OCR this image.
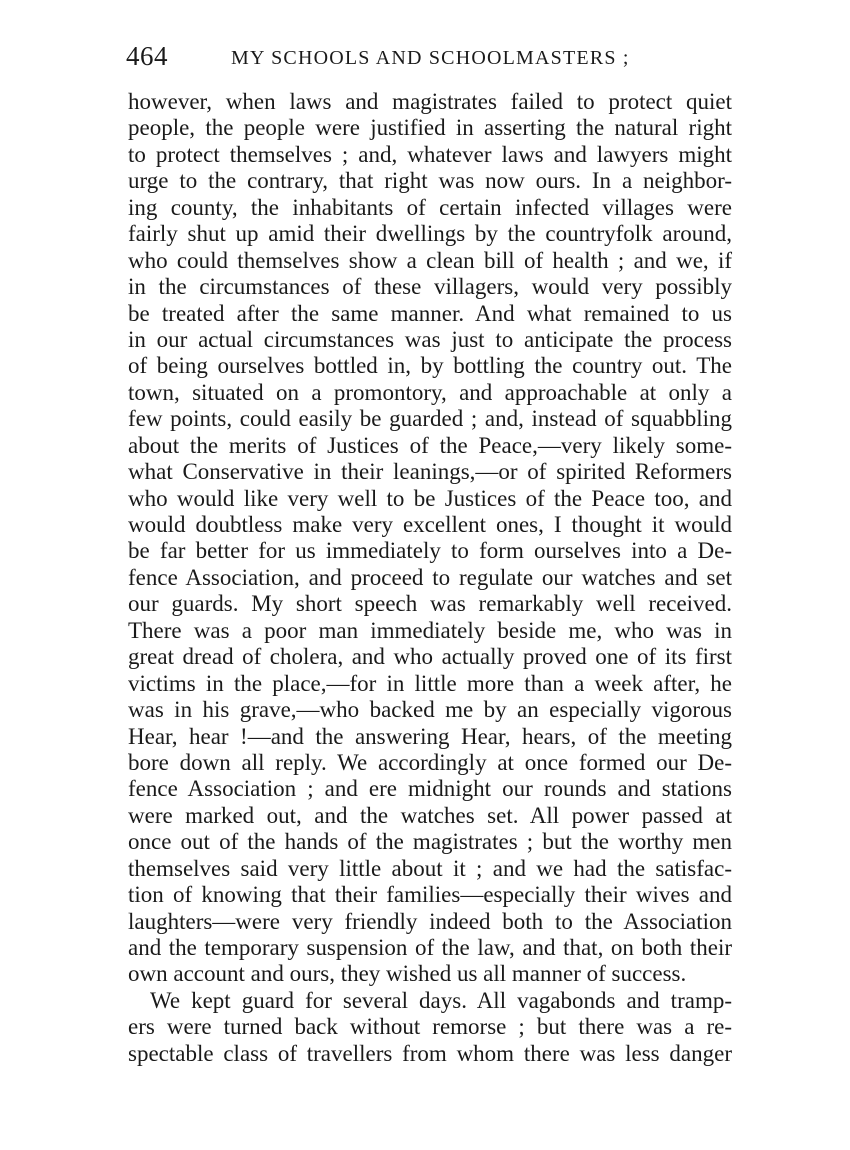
464	MY SCHOOLS AND SCHOOLMASTERS ;
however, when laws and magistrates failed to protect quiet
people, the people were justified in asserting the natural right
to protect themselves ; and, whatever laws and lawyers might
urge to the contrary, that right was now ours. In a neighbor-
ing county, the inhabitants of certain infected villages were
fairly shut up amid their dwellings by the countryfolk around,
who could themselves show a clean bill of health ; and we, if
in the circumstances of these villagers, would very possibly
be treated after the same manner. And what remained to us
in our actual circumstances was just to anticipate the process
of being ourselves bottled in, by bottling the country out. The
town, situated on a promontory, and approachable at only a
few points, could easily be guarded ; and, instead of squabbling
about the merits of Justices of the Peace,—very likely some-
what Conservative in their leanings,—or of spirited Reformers
who would like very well to be Justices of the Peace too, and
would doubtless make very excellent ones, I thought it would
be far better for us immediately to form ourselves into a De-
fence Association, and proceed to regulate our watches and set
our guards. My short speech was remarkably well received.
There was a poor man immediately beside me, who was in
great dread of cholera, and who actually proved one of its first
victims in the place,—for in little more than a week after, he
was in his grave,—who backed me by an especially vigorous
Hear, hear !—and the answering Hear, hears, of the meeting
bore down all reply. We accordingly at once formed our De-
fence Association ; and ere midnight our rounds and stations
were marked out, and the watches set. All power passed at
once out of the hands of the magistrates ; but the worthy men
themselves said very little about it ; and we had the satisfac-
tion of knowing that their families—especially their wives and
laughters—were very friendly indeed both to the Association
and the temporary suspension of the law, and that, on both their
own account and ours, they wished us all manner of success.
We kept guard for several days. All vagabonds and tramp-
ers were turned back without remorse ; but there was a re-
spectable class of travellers from whom there was less danger
